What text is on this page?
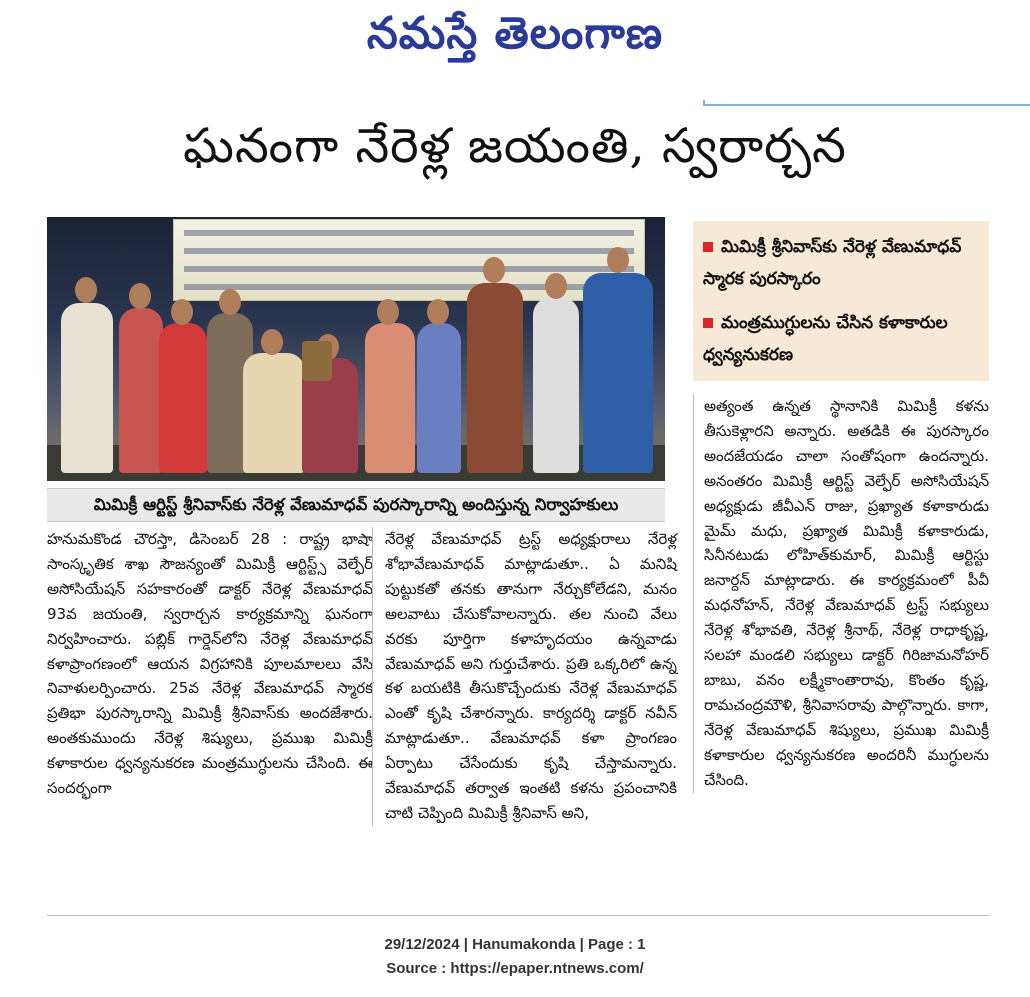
నమస్తే తెలంగాణ
ఘనంగా నేరెళ్ల జయంతి, స్వరార్చన
మిమిక్రీ ఆర్టిస్ట్ శ్రీనివాస్‌కు నేరెళ్ల వేణుమాధవ్ పురస్కారాన్ని అందిస్తున్న నిర్వాహకులు
మిమిక్రీ శ్రీనివాస్‌కు నేరెళ్ల వేణుమాధవ్ స్మారక పురస్కారం
మంత్రముగ్ధులను చేసిన కళాకారుల ధ్వన్యనుకరణ

హనుమకొండ చౌరస్తా, డిసెంబర్ 28 : రాష్ట్ర భాషా సాంస్కృతిక శాఖ సౌజన్యంతో మిమిక్రీ ఆర్టిస్ట్స్ వెల్ఫేర్ అసోసియేషన్ సహకారంతో డాక్టర్ నేరెళ్ల వేణుమాధవ్ 93వ జయంతి, స్వరార్చన కార్యక్రమాన్ని ఘనంగా నిర్వహించారు. పబ్లిక్ గార్డెన్‌లోని నేరెళ్ల వేణుమాధవ్ కళాప్రాంగణంలో ఆయన విగ్రహానికి పూలమాలలు వేసి నివాళులర్పించారు. 25వ నేరెళ్ల వేణుమాధవ్ స్మారక ప్రతిభా పురస్కారాన్ని మిమిక్రీ శ్రీనివాస్‌కు అందజేశారు. అంతకుముందు నేరెళ్ల శిష్యులు, ప్రముఖ మిమిక్రీ కళాకారుల ధ్వన్యనుకరణ మంత్రముగ్ధులను చేసింది. ఈ సందర్భంగా

నేరెళ్ల వేణుమాధవ్ ట్రస్ట్ అధ్యక్షురాలు నేరెళ్ల శోభావేణుమాధవ్ మాట్లాడుతూ.. ఏ మనిషి పుట్టుకతో తనకు తానుగా నేర్చుకోలేడని, మనం అలవాటు చేసుకోవాలన్నారు. తల నుంచి వేలు వరకు పూర్తిగా కళాహృదయం ఉన్నవాడు వేణుమాధవ్ అని గుర్తుచేశారు. ప్రతి ఒక్కరిలో ఉన్న కళ బయటికి తీసుకొచ్చేందుకు నేరెళ్ల వేణుమాధవ్ ఎంతో కృషి చేశారన్నారు. కార్యదర్శి డాక్టర్ నవీన్ మాట్లాడుతూ.. వేణుమాధవ్ కళా ప్రాంగణం ఏర్పాటు చేసేందుకు కృషి చేస్తామన్నారు. వేణుమాధవ్ తర్వాత ఇంతటి కళను ప్రపంచానికి చాటి చెప్పింది మిమిక్రీ శ్రీనివాస్ అని,

అత్యంత ఉన్నత స్థానానికి మిమిక్రీ కళను తీసుకెళ్లారని అన్నారు. అతడికి ఈ పురస్కారం అందజేయడం చాలా సంతోషంగా ఉందన్నారు. అనంతరం మిమిక్రీ ఆర్టిస్ట్ వెల్ఫేర్ అసోసియేషన్ అధ్యక్షుడు జీవీఎన్ రాజు, ప్రఖ్యాత కళాకారుడు మైమ్ మధు, ప్రఖ్యాత మిమిక్రీ కళాకారుడు, సినీనటుడు లోహిత్‌కుమార్, మిమిక్రీ ఆర్టిస్టు జనార్దన్ మాట్లాడారు. ఈ కార్యక్రమంలో పీవీ మధనోహన్, నేరెళ్ల వేణుమాధవ్ ట్రస్ట్ సభ్యులు నేరెళ్ల శోభావతి, నేరెళ్ల శ్రీనాథ్, నేరెళ్ల రాధాకృష్ణ, సలహా మండలి సభ్యులు డాక్టర్ గిరిజామనోహర్ బాబు, వనం లక్ష్మీకాంతారావు, కొంతం కృష్ణ, రామచంద్రమౌళి, శ్రీనివాసరావు పాల్గొన్నారు. కాగా, నేరెళ్ల వేణుమాధవ్ శిష్యులు, ప్రముఖ మిమిక్రీ కళాకారుల ధ్వన్యనుకరణ అందరినీ ముగ్ధులను చేసింది.

29/12/2024 | Hanumakonda | Page : 1
Source : https://epaper.ntnews.com/
